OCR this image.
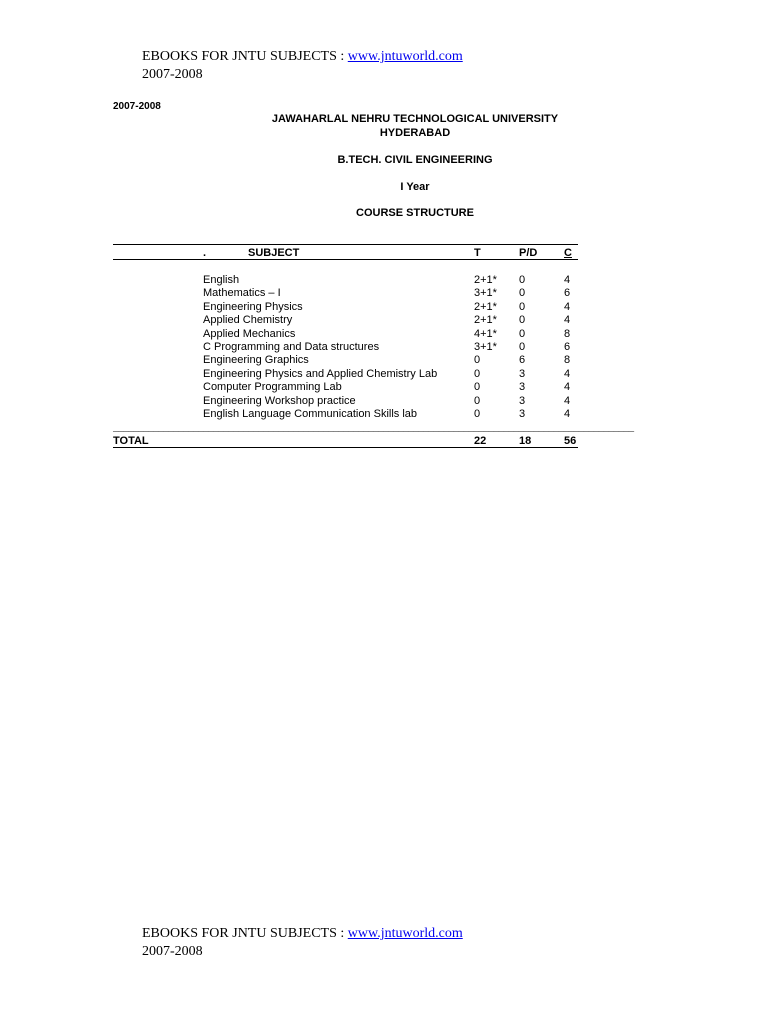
EBOOKS FOR JNTU SUBJECTS : www.jntuworld.com
2007-2008
2007-2008
JAWAHARLAL NEHRU TECHNOLOGICAL UNIVERSITY
HYDERABAD
B.TECH. CIVIL ENGINEERING
I Year
COURSE STRUCTURE
.	SUBJECT	T	P/D C
English	2+1* 0	4
Mathematics – I	3+1* 0	6
Engineering Physics	2+1* 0	4
Applied Chemistry	2+1* 0	4
Applied Mechanics	4+1* 0	8
C Programming and Data structures	3+1* 0	6
Engineering Graphics	0	6	8
Engineering Physics and Applied Chemistry Lab	0	3	4
Computer Programming Lab	0	3	4
Engineering Workshop practice	0	3	4
English Language Communication Skills lab	0	3	4
________________________________________________________________________________________________________
TOTAL	22	18	56
EBOOKS FOR JNTU SUBJECTS : www.jntuworld.com
2007-2008
